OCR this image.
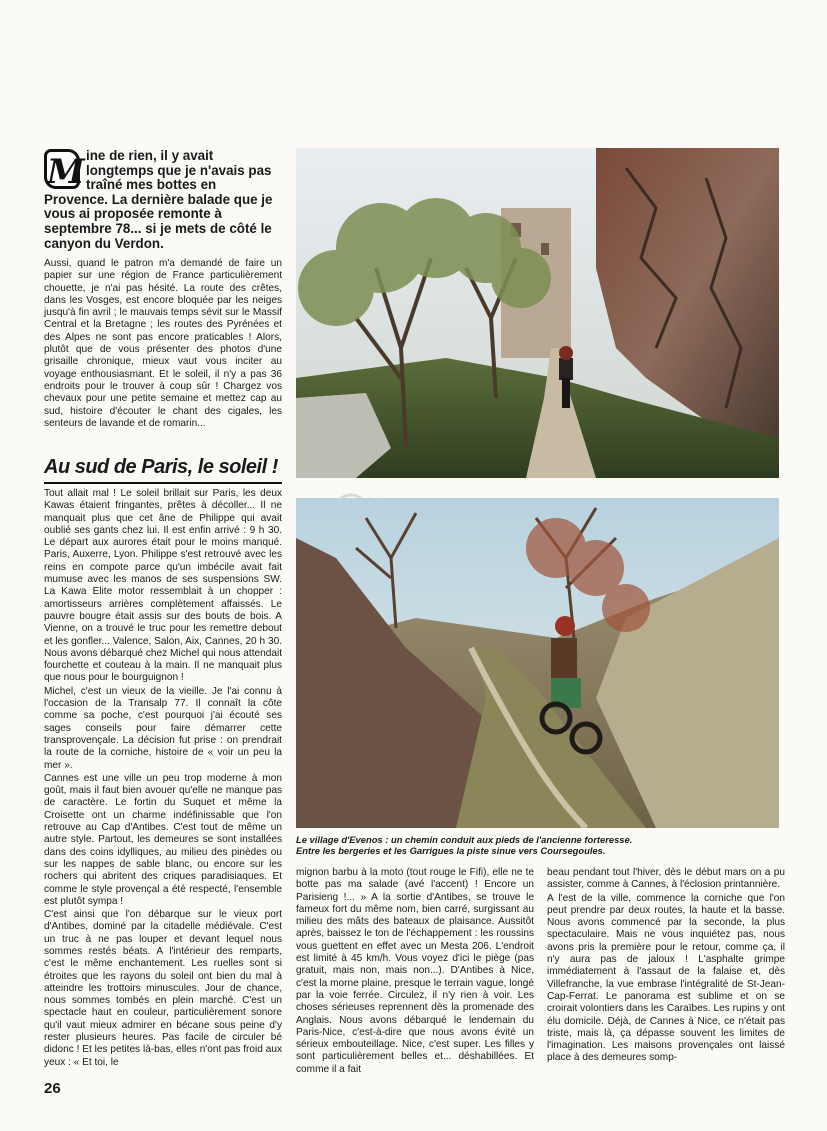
M ine de rien, il y avait longtemps que je n'avais pas traîné mes bottes en Provence. La dernière balade que je vous ai proposée remonte à septembre 78... si je mets de côté le canyon du Verdon.

Aussi, quand le patron m'a demandé de faire un papier sur une région de France particulièrement chouette, je n'ai pas hésité. La route des crêtes, dans les Vosges, est encore bloquée par les neiges jusqu'à fin avril ; le mauvais temps sévit sur le Massif Central et la Bretagne ; les routes des Pyrénées et des Alpes ne sont pas encore praticables ! Alors, plutôt que de vous présenter des photos d'une grisaille chronique, mieux vaut vous inciter au voyage enthousiasmant. Et le soleil, il n'y a pas 36 endroits pour le trouver à coup sûr ! Chargez vos chevaux pour une petite semaine et mettez cap au sud, histoire d'écouter le chant des cigales, les senteurs de lavande et de romarin...

Au sud de Paris, le soleil !

Tout allait mal ! Le soleil brillait sur Paris, les deux Kawas étaient fringantes, prêtes à décoller... Il ne manquait plus que cet âne de Philippe qui avait oublié ses gants chez lui. Il est enfin arrivé : 9 h 30. Le départ aux aurores était pour le moins manqué. Paris, Auxerre, Lyon. Philippe s'est retrouvé avec les reins en compote parce qu'un imbécile avait fait mumuse avec les manos de ses suspensions SW. La Kawa Elite motor ressemblait à un chopper : amortisseurs arrières complètement affaissés. Le pauvre bougre était assis sur des bouts de bois. A Vienne, on a trouvé le truc pour les remettre debout et les gonfler... Valence, Salon, Aix, Cannes, 20 h 30. Nous avons débarqué chez Michel qui nous attendait fourchette et couteau à la main. Il ne manquait plus que nous pour le bourguignon !

Michel, c'est un vieux de la vieille. Je l'ai connu à l'occasion de la Transalp 77. Il connaît la côte comme sa poche, c'est pourquoi j'ai écouté ses sages conseils pour faire démarrer cette transprovençale. La décision fut prise : on prendrait la route de la corniche, histoire de « voir un peu la mer ».

Cannes est une ville un peu trop moderne à mon goût, mais il faut bien avouer qu'elle ne manque pas de caractère. Le fortin du Suquet et même la Croisette ont un charme indéfinissable que l'on retrouve au Cap d'Antibes. C'est tout de même un autre style. Partout, les demeures se sont installées dans des coins idylliques, au milieu des pinèdes ou sur les nappes de sable blanc, ou encore sur les rochers qui abritent des criques paradisiaques. Et comme le style provençal a été respecté, l'ensemble est plutôt sympa !

C'est ainsi que l'on débarque sur le vieux port d'Antibes, dominé par la citadelle médiévale. C'est un truc à ne pas louper et devant lequel nous sommes restés béats. A l'intérieur des remparts, c'est le même enchantement. Les ruelles sont si étroites que les rayons du soleil ont bien du mal à atteindre les trottoirs minuscules. Jour de chance, nous sommes tombés en plein marché. C'est un spectacle haut en couleur, particulièrement sonore qu'il vaut mieux admirer en bécane sous peine d'y rester plusieurs heures. Pas facile de circuler bé didonc ! Et les petites là-bas, elles n'ont pas froid aux yeux : « Et toi, le

Le village d'Evenos : un chemin conduit aux pieds de l'ancienne forteresse.
Entre les bergeries et les Garrigues la piste sinue vers Coursegoules.

mignon barbu à la moto (tout rouge le Fifi), elle ne te botte pas ma salade (avé l'accent) ! Encore un Parisieng !... » A la sortie d'Antibes, se trouve le fameux fort du même nom, bien carré, surgissant au milieu des mâts des bateaux de plaisance. Aussitôt après, baissez le ton de l'échappement : les roussins vous guettent en effet avec un Mesta 206. L'endroit est limité à 45 km/h. Vous voyez d'ici le piège (pas gratuit, mais non, mais non...). D'Antibes à Nice, c'est la morne plaine, presque le terrain vague, longé par la voie ferrée. Circulez, il n'y rien à voir. Les choses sérieuses reprennent dès la promenade des Anglais. Nous avons débarqué le lendemain du Paris-Nice, c'est-à-dire que nous avons évité un sérieux embouteillage. Nice, c'est super. Les filles y sont particulièrement belles et... déshabillées. Et comme il a fait

beau pendant tout l'hiver, dès le début mars on a pu assister, comme à Cannes, à l'éclosion printannière.

A l'est de la ville, commence la corniche que l'on peut prendre par deux routes, la haute et la basse. Nous avons commencé par la seconde, la plus spectaculaire. Mais ne vous inquiétez pas, nous avons pris la première pour le retour, comme ça, il n'y aura pas de jaloux ! L'asphalte grimpe immédiatement à l'assaut de la falaise et, dès Villefranche, la vue embrase l'intégralité de St-Jean-Cap-Ferrat. Le panorama est sublime et on se croirait volontiers dans les Caraïbes. Les rupins y ont élu domicile. Déjà, de Cannes à Nice, ce n'était pas triste, mais là, ça dépasse souvent les limites de l'imagination. Les maisons provençales ont laissé place à des demeures somp-

26
